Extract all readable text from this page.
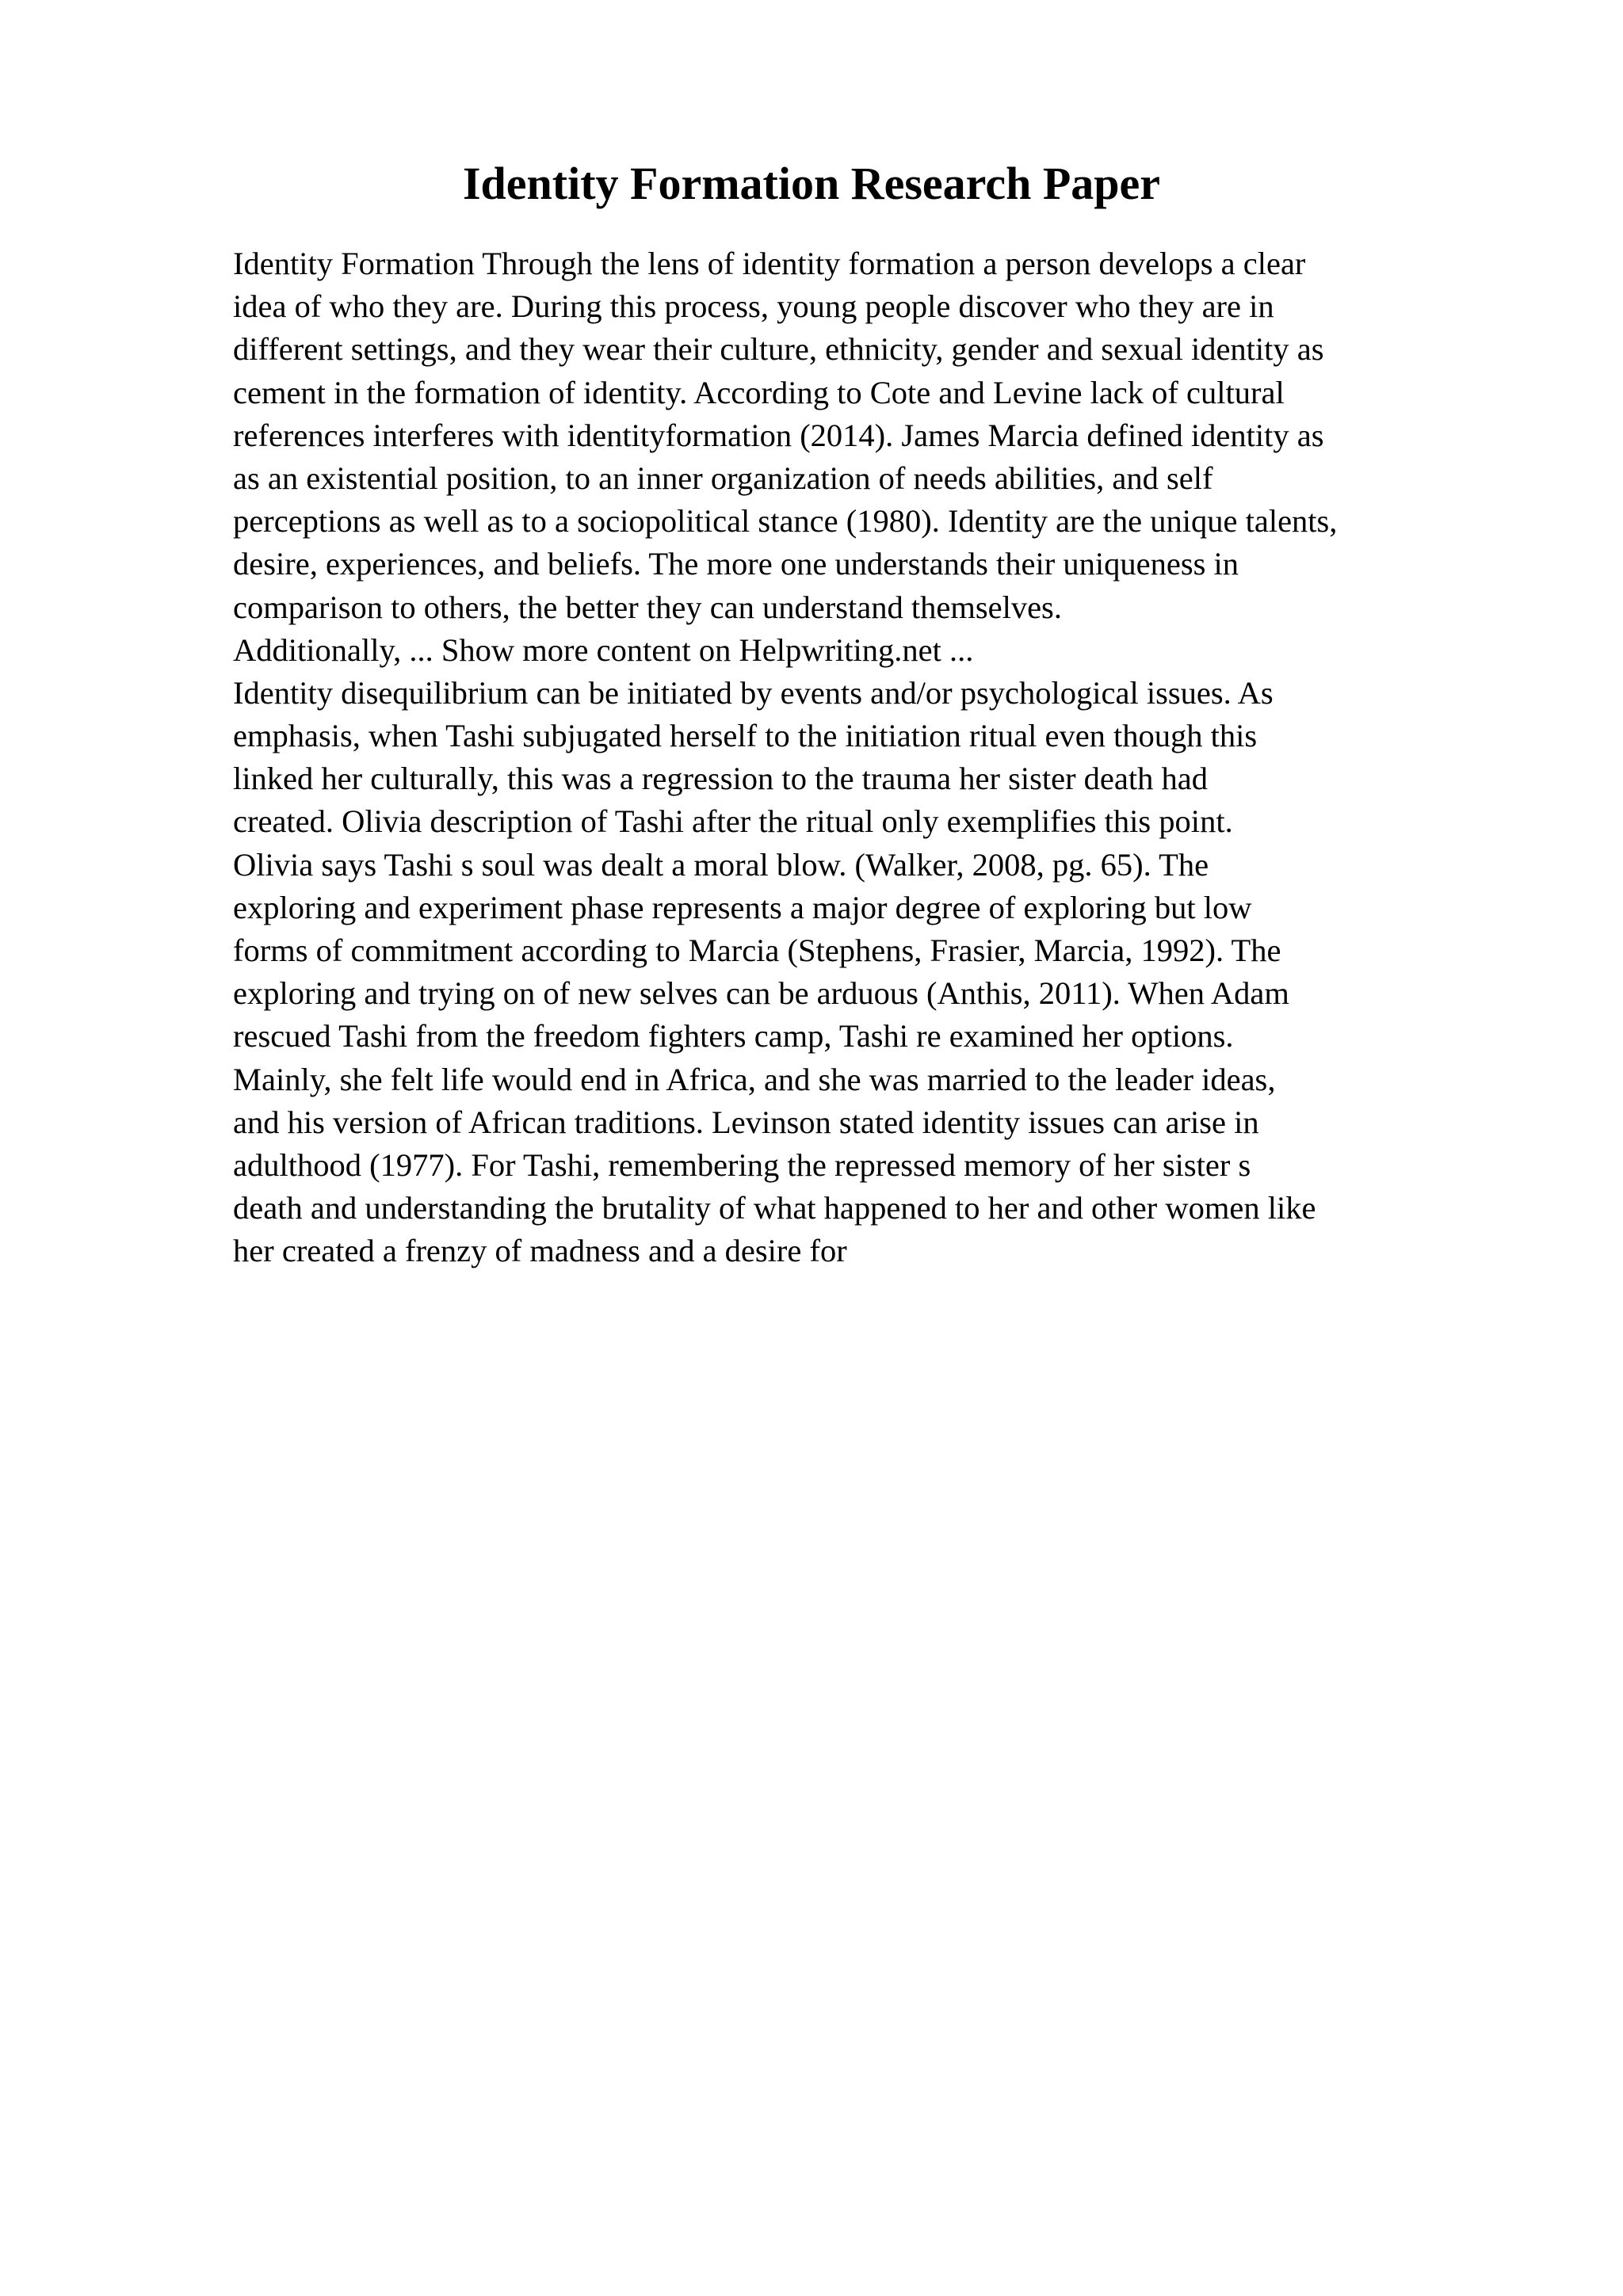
Identity Formation Research Paper
Identity Formation Through the lens of identity formation a person develops a clear
idea of who they are. During this process, young people discover who they are in
different settings, and they wear their culture, ethnicity, gender and sexual identity as
cement in the formation of identity. According to Cote and Levine lack of cultural
references interferes with identityformation (2014). James Marcia defined identity as
as an existential position, to an inner organization of needs abilities, and self
perceptions as well as to a sociopolitical stance (1980). Identity are the unique talents,
desire, experiences, and beliefs. The more one understands their uniqueness in
comparison to others, the better they can understand themselves.
Additionally, ... Show more content on Helpwriting.net ...
Identity disequilibrium can be initiated by events and/or psychological issues. As
emphasis, when Tashi subjugated herself to the initiation ritual even though this
linked her culturally, this was a regression to the trauma her sister death had
created. Olivia description of Tashi after the ritual only exemplifies this point.
Olivia says Tashi s soul was dealt a moral blow. (Walker, 2008, pg. 65). The
exploring and experiment phase represents a major degree of exploring but low
forms of commitment according to Marcia (Stephens, Frasier, Marcia, 1992). The
exploring and trying on of new selves can be arduous (Anthis, 2011). When Adam
rescued Tashi from the freedom fighters camp, Tashi re examined her options.
Mainly, she felt life would end in Africa, and she was married to the leader ideas,
and his version of African traditions. Levinson stated identity issues can arise in
adulthood (1977). For Tashi, remembering the repressed memory of her sister s
death and understanding the brutality of what happened to her and other women like
her created a frenzy of madness and a desire for
